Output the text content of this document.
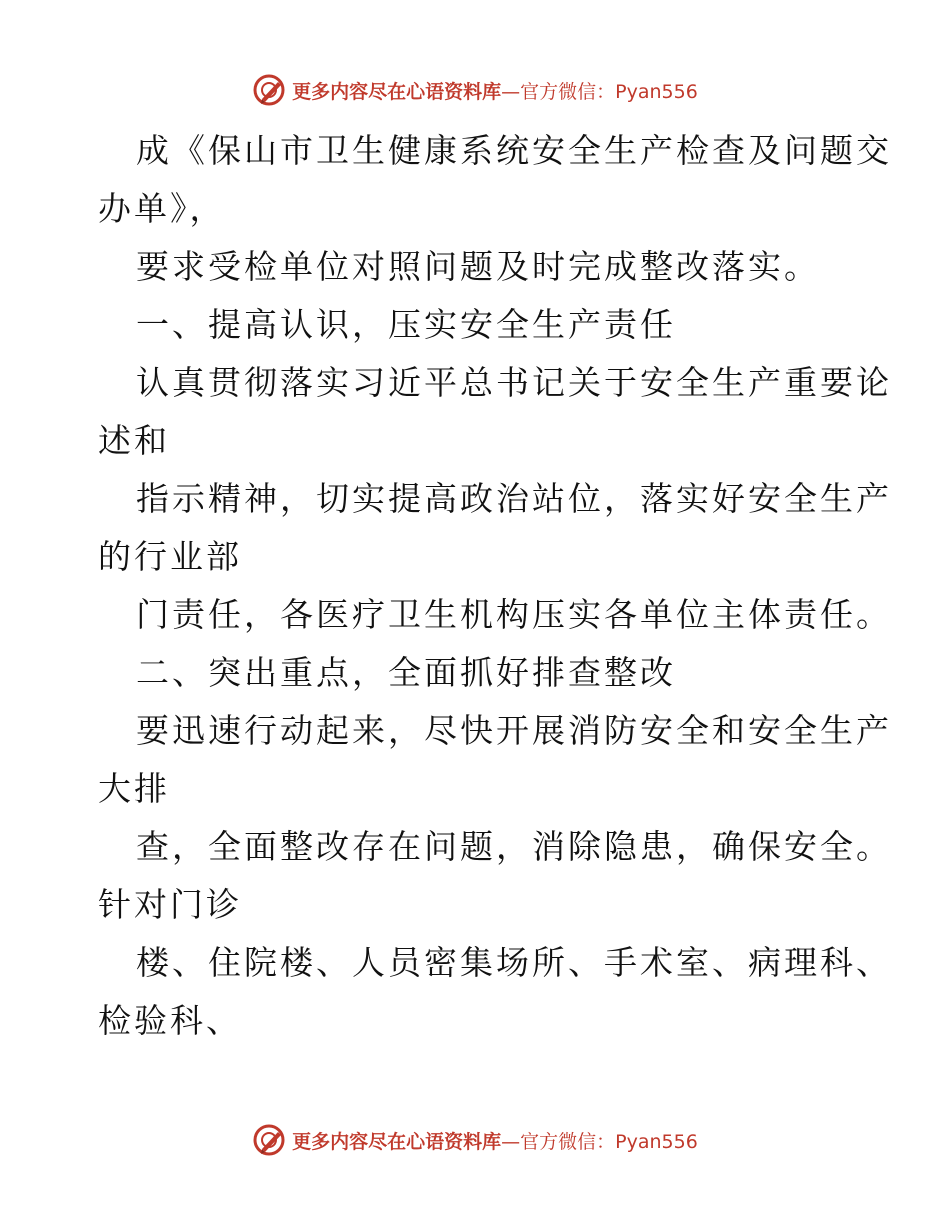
更多内容尽在心语资料库—官方微信：Pyan556

成《保山市卫生健康系统安全生产检查及问题交

办单》，

要求受检单位对照问题及时完成整改落实。

一、提高认识，压实安全生产责任

认真贯彻落实习近平总书记关于安全生产重要论

述和

指示精神，切实提高政治站位，落实好安全生产

的行业部

门责任，各医疗卫生机构压实各单位主体责任。

二、突出重点，全面抓好排查整改

要迅速行动起来，尽快开展消防安全和安全生产

大排

查，全面整改存在问题，消除隐患，确保安全。

针对门诊

楼、住院楼、人员密集场所、手术室、病理科、

检验科、

更多内容尽在心语资料库—官方微信：Pyan556
